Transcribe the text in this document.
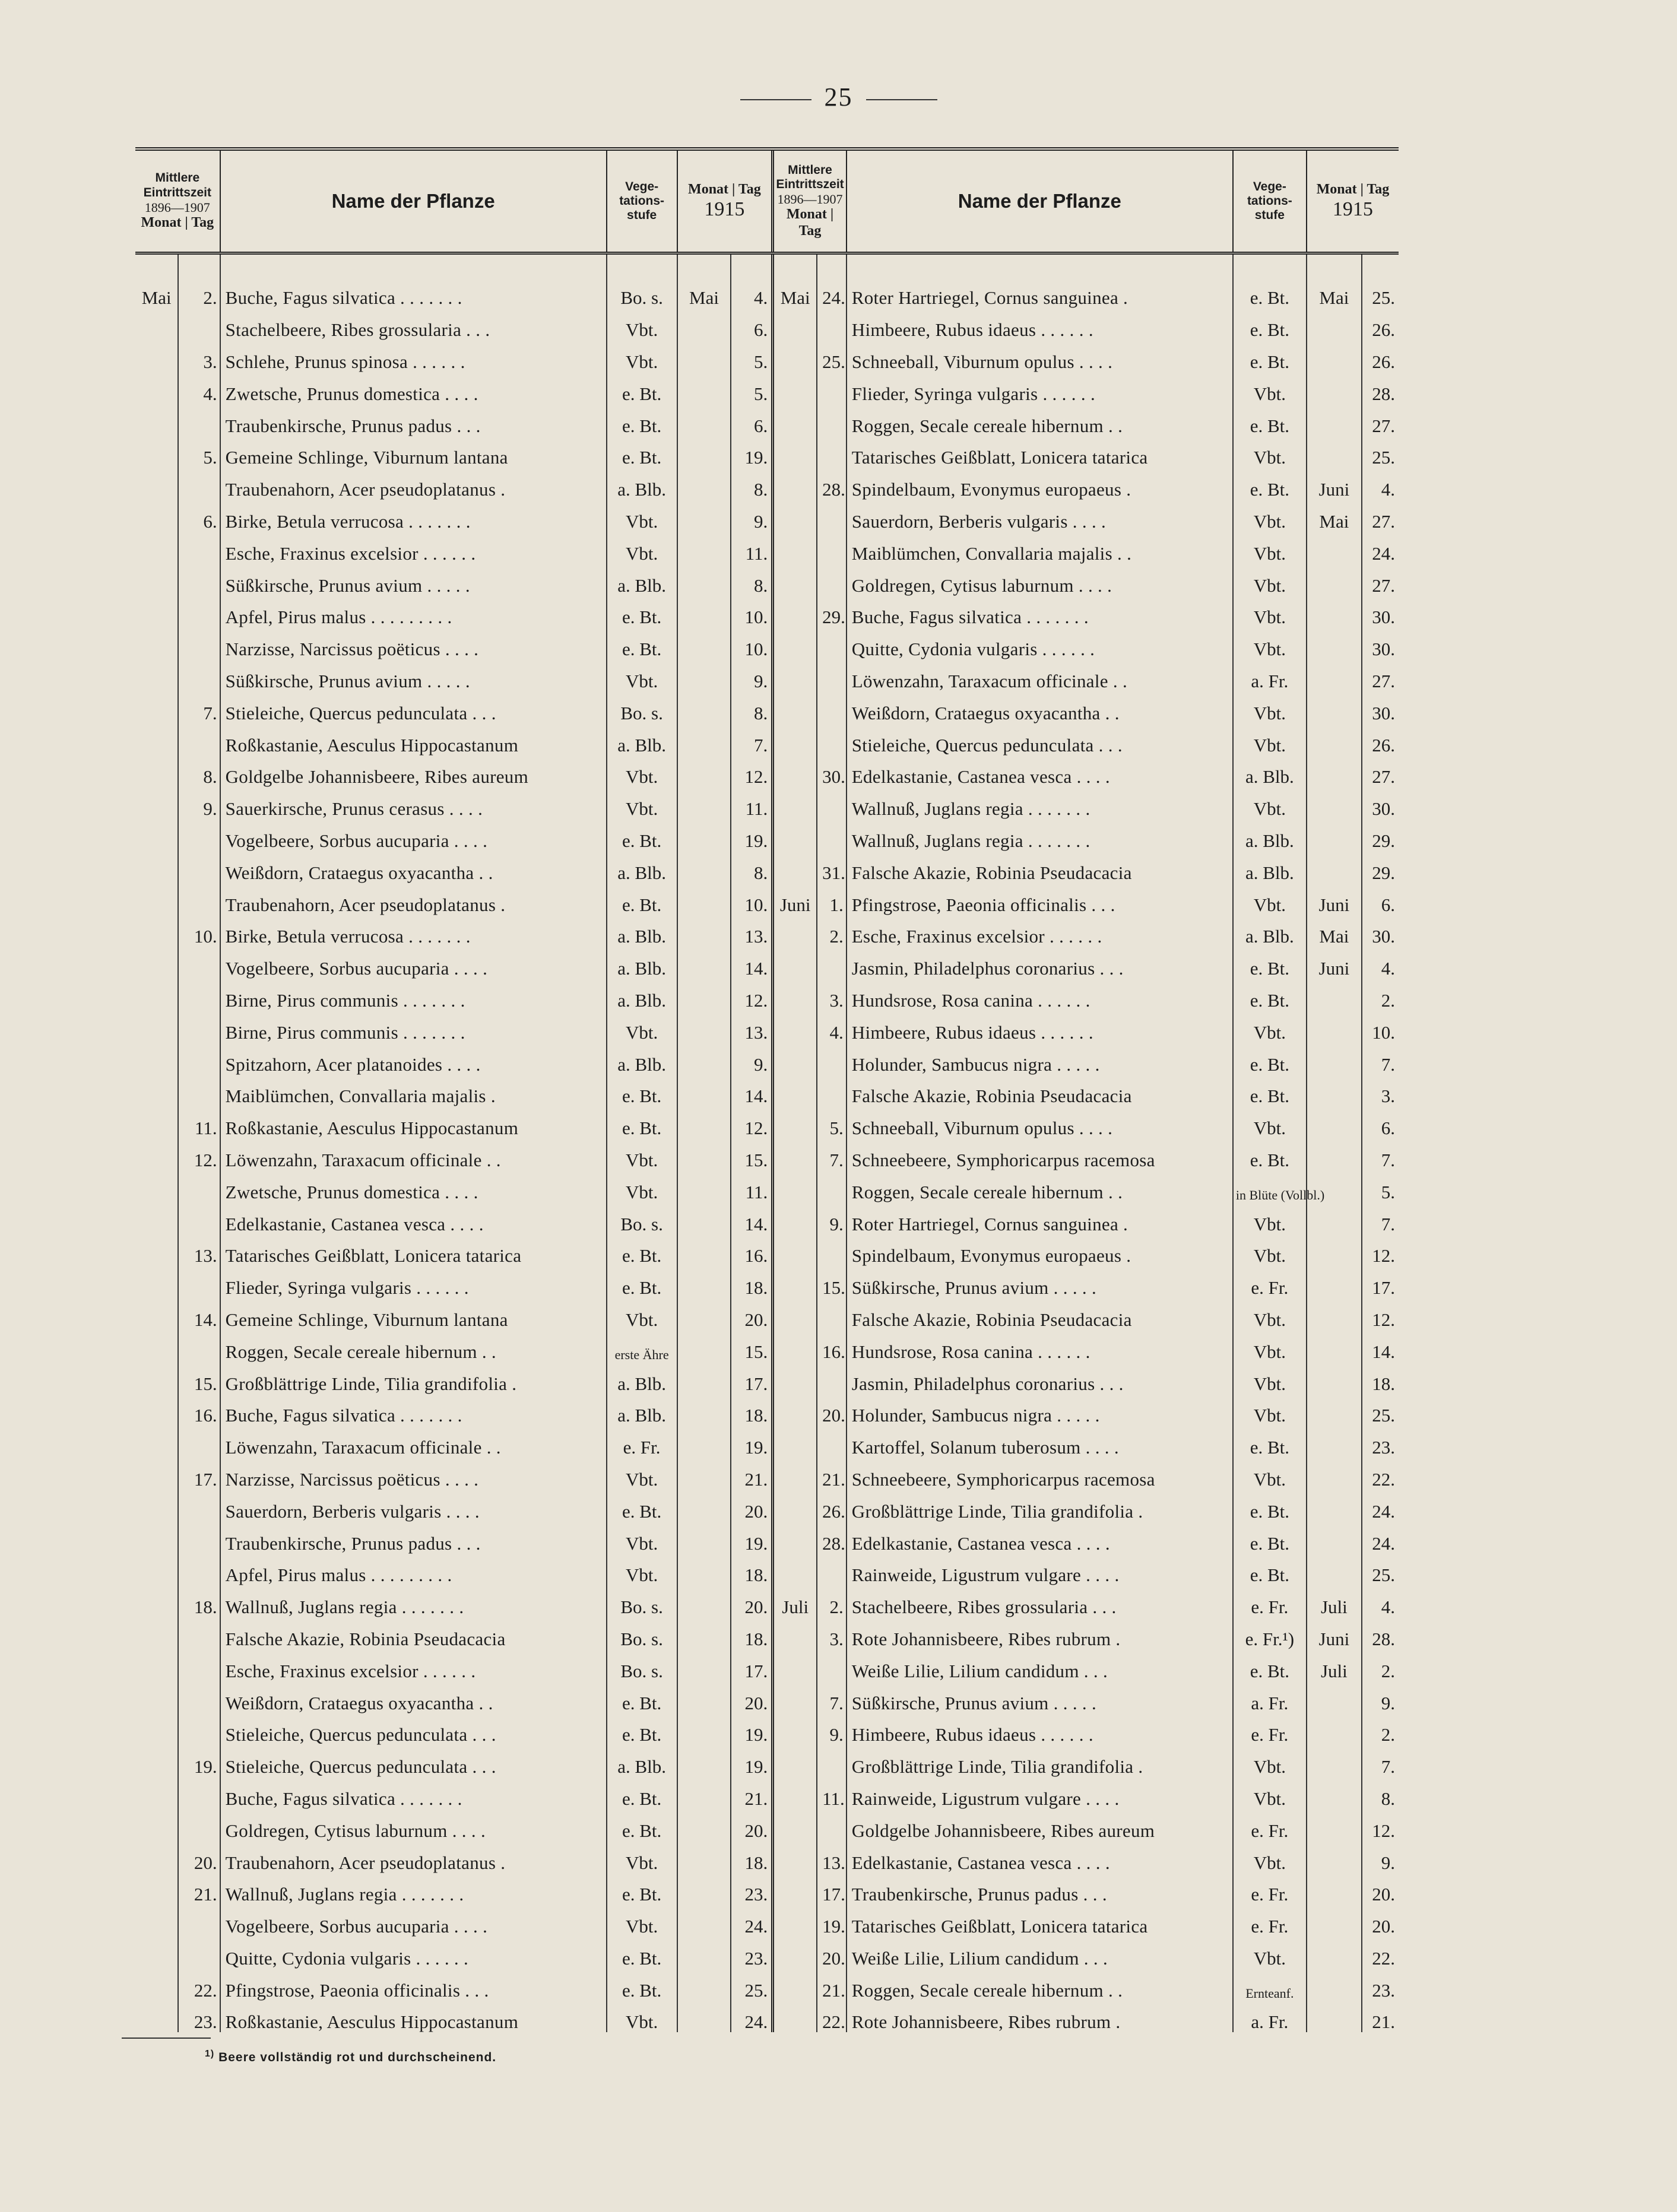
25
Mittlere
Eintrittszeit
1896—1907
Monat | Tag		Name der Pflanze	Vege-
tations-
stufe	Monat | Tag
1915		Mittlere
Eintrittszeit
1896—1907
Monat | Tag		Name der Pflanze	Vege-
tations-
stufe	Monat | Tag
1915	

Mai	2.	Buche, Fagus silvatica . . . . . . .	Bo. s.	Mai	4.	Mai	24.	Roter Hartriegel, Cornus sanguinea .	e. Bt.	Mai	25.
		Stachelbeere, Ribes grossularia . . .	Vbt.		6.			Himbeere, Rubus idaeus . . . . . .	e. Bt.		26.
	3.	Schlehe, Prunus spinosa . . . . . .	Vbt.		5.		25.	Schneeball, Viburnum opulus . . . .	e. Bt.		26.
	4.	Zwetsche, Prunus domestica . . . .	e. Bt.		5.			Flieder, Syringa vulgaris . . . . . .	Vbt.		28.
		Traubenkirsche, Prunus padus . . .	e. Bt.		6.			Roggen, Secale cereale hibernum . .	e. Bt.		27.
	5.	Gemeine Schlinge, Viburnum lantana	e. Bt.		19.			Tatarisches Geißblatt, Lonicera tatarica	Vbt.		25.
		Traubenahorn, Acer pseudoplatanus .	a. Blb.		8.		28.	Spindelbaum, Evonymus europaeus .	e. Bt.	Juni	4.
	6.	Birke, Betula verrucosa . . . . . . .	Vbt.		9.			Sauerdorn, Berberis vulgaris . . . .	Vbt.	Mai	27.
		Esche, Fraxinus excelsior . . . . . .	Vbt.		11.			Maiblümchen, Convallaria majalis . .	Vbt.		24.
		Süßkirsche, Prunus avium . . . . .	a. Blb.		8.			Goldregen, Cytisus laburnum . . . .	Vbt.		27.
		Apfel, Pirus malus . . . . . . . . .	e. Bt.		10.		29.	Buche, Fagus silvatica . . . . . . .	Vbt.		30.
		Narzisse, Narcissus poëticus . . . .	e. Bt.		10.			Quitte, Cydonia vulgaris . . . . . .	Vbt.		30.
		Süßkirsche, Prunus avium . . . . .	Vbt.		9.			Löwenzahn, Taraxacum officinale . .	a. Fr.		27.
	7.	Stieleiche, Quercus pedunculata . . .	Bo. s.		8.			Weißdorn, Crataegus oxyacantha . .	Vbt.		30.
		Roßkastanie, Aesculus Hippocastanum	a. Blb.		7.			Stieleiche, Quercus pedunculata . . .	Vbt.		26.
	8.	Goldgelbe Johannisbeere, Ribes aureum	Vbt.		12.		30.	Edelkastanie, Castanea vesca . . . .	a. Blb.		27.
	9.	Sauerkirsche, Prunus cerasus . . . .	Vbt.		11.			Wallnuß, Juglans regia . . . . . . .	Vbt.		30.
		Vogelbeere, Sorbus aucuparia . . . .	e. Bt.		19.			Wallnuß, Juglans regia . . . . . . .	a. Blb.		29.
		Weißdorn, Crataegus oxyacantha . .	a. Blb.		8.		31.	Falsche Akazie, Robinia Pseudacacia	a. Blb.		29.
		Traubenahorn, Acer pseudoplatanus .	e. Bt.		10.	Juni	1.	Pfingstrose, Paeonia officinalis . . .	Vbt.	Juni	6.
	10.	Birke, Betula verrucosa . . . . . . .	a. Blb.		13.		2.	Esche, Fraxinus excelsior . . . . . .	a. Blb.	Mai	30.
		Vogelbeere, Sorbus aucuparia . . . .	a. Blb.		14.			Jasmin, Philadelphus coronarius . . .	e. Bt.	Juni	4.
		Birne, Pirus communis . . . . . . .	a. Blb.		12.		3.	Hundsrose, Rosa canina . . . . . .	e. Bt.		2.
		Birne, Pirus communis . . . . . . .	Vbt.		13.		4.	Himbeere, Rubus idaeus . . . . . .	Vbt.		10.
		Spitzahorn, Acer platanoides . . . .	a. Blb.		9.			Holunder, Sambucus nigra . . . . .	e. Bt.		7.
		Maiblümchen, Convallaria majalis .	e. Bt.		14.			Falsche Akazie, Robinia Pseudacacia	e. Bt.		3.
	11.	Roßkastanie, Aesculus Hippocastanum	e. Bt.		12.		5.	Schneeball, Viburnum opulus . . . .	Vbt.		6.
	12.	Löwenzahn, Taraxacum officinale . .	Vbt.		15.		7.	Schneebeere, Symphoricarpus racemosa	e. Bt.		7.
		Zwetsche, Prunus domestica . . . .	Vbt.		11.			Roggen, Secale cereale hibernum . .	in Blüte (Vollbl.)		5.
		Edelkastanie, Castanea vesca . . . .	Bo. s.		14.		9.	Roter Hartriegel, Cornus sanguinea .	Vbt.		7.
	13.	Tatarisches Geißblatt, Lonicera tatarica	e. Bt.		16.			Spindelbaum, Evonymus europaeus .	Vbt.		12.
		Flieder, Syringa vulgaris . . . . . .	e. Bt.		18.		15.	Süßkirsche, Prunus avium . . . . .	e. Fr.		17.
	14.	Gemeine Schlinge, Viburnum lantana	Vbt.		20.			Falsche Akazie, Robinia Pseudacacia	Vbt.		12.
		Roggen, Secale cereale hibernum . .	erste Ähre		15.		16.	Hundsrose, Rosa canina . . . . . .	Vbt.		14.
	15.	Großblättrige Linde, Tilia grandifolia .	a. Blb.		17.			Jasmin, Philadelphus coronarius . . .	Vbt.		18.
	16.	Buche, Fagus silvatica . . . . . . .	a. Blb.		18.		20.	Holunder, Sambucus nigra . . . . .	Vbt.		25.
		Löwenzahn, Taraxacum officinale . .	e. Fr.		19.			Kartoffel, Solanum tuberosum . . . .	e. Bt.		23.
	17.	Narzisse, Narcissus poëticus . . . .	Vbt.		21.		21.	Schneebeere, Symphoricarpus racemosa	Vbt.		22.
		Sauerdorn, Berberis vulgaris . . . .	e. Bt.		20.		26.	Großblättrige Linde, Tilia grandifolia .	e. Bt.		24.
		Traubenkirsche, Prunus padus . . .	Vbt.		19.		28.	Edelkastanie, Castanea vesca . . . .	e. Bt.		24.
		Apfel, Pirus malus . . . . . . . . .	Vbt.		18.			Rainweide, Ligustrum vulgare . . . .	e. Bt.		25.
	18.	Wallnuß, Juglans regia . . . . . . .	Bo. s.		20.	Juli	2.	Stachelbeere, Ribes grossularia . . .	e. Fr.	Juli	4.
		Falsche Akazie, Robinia Pseudacacia	Bo. s.		18.		3.	Rote Johannisbeere, Ribes rubrum .	e. Fr.¹)	Juni	28.
		Esche, Fraxinus excelsior . . . . . .	Bo. s.		17.			Weiße Lilie, Lilium candidum . . .	e. Bt.	Juli	2.
		Weißdorn, Crataegus oxyacantha . .	e. Bt.		20.		7.	Süßkirsche, Prunus avium . . . . .	a. Fr.		9.
		Stieleiche, Quercus pedunculata . . .	e. Bt.		19.		9.	Himbeere, Rubus idaeus . . . . . .	e. Fr.		2.
	19.	Stieleiche, Quercus pedunculata . . .	a. Blb.		19.			Großblättrige Linde, Tilia grandifolia .	Vbt.		7.
		Buche, Fagus silvatica . . . . . . .	e. Bt.		21.		11.	Rainweide, Ligustrum vulgare . . . .	Vbt.		8.
		Goldregen, Cytisus laburnum . . . .	e. Bt.		20.			Goldgelbe Johannisbeere, Ribes aureum	e. Fr.		12.
	20.	Traubenahorn, Acer pseudoplatanus .	Vbt.		18.		13.	Edelkastanie, Castanea vesca . . . .	Vbt.		9.
	21.	Wallnuß, Juglans regia . . . . . . .	e. Bt.		23.		17.	Traubenkirsche, Prunus padus . . .	e. Fr.		20.
		Vogelbeere, Sorbus aucuparia . . . .	Vbt.		24.		19.	Tatarisches Geißblatt, Lonicera tatarica	e. Fr.		20.
		Quitte, Cydonia vulgaris . . . . . .	e. Bt.		23.		20.	Weiße Lilie, Lilium candidum . . .	Vbt.		22.
	22.	Pfingstrose, Paeonia officinalis . . .	e. Bt.		25.		21.	Roggen, Secale cereale hibernum . .	Ernteanf.		23.
	23.	Roßkastanie, Aesculus Hippocastanum	Vbt.		24.		22.	Rote Johannisbeere, Ribes rubrum .	a. Fr.		21.
$^{1)}$ Beere vollständig rot und durchscheinend.
